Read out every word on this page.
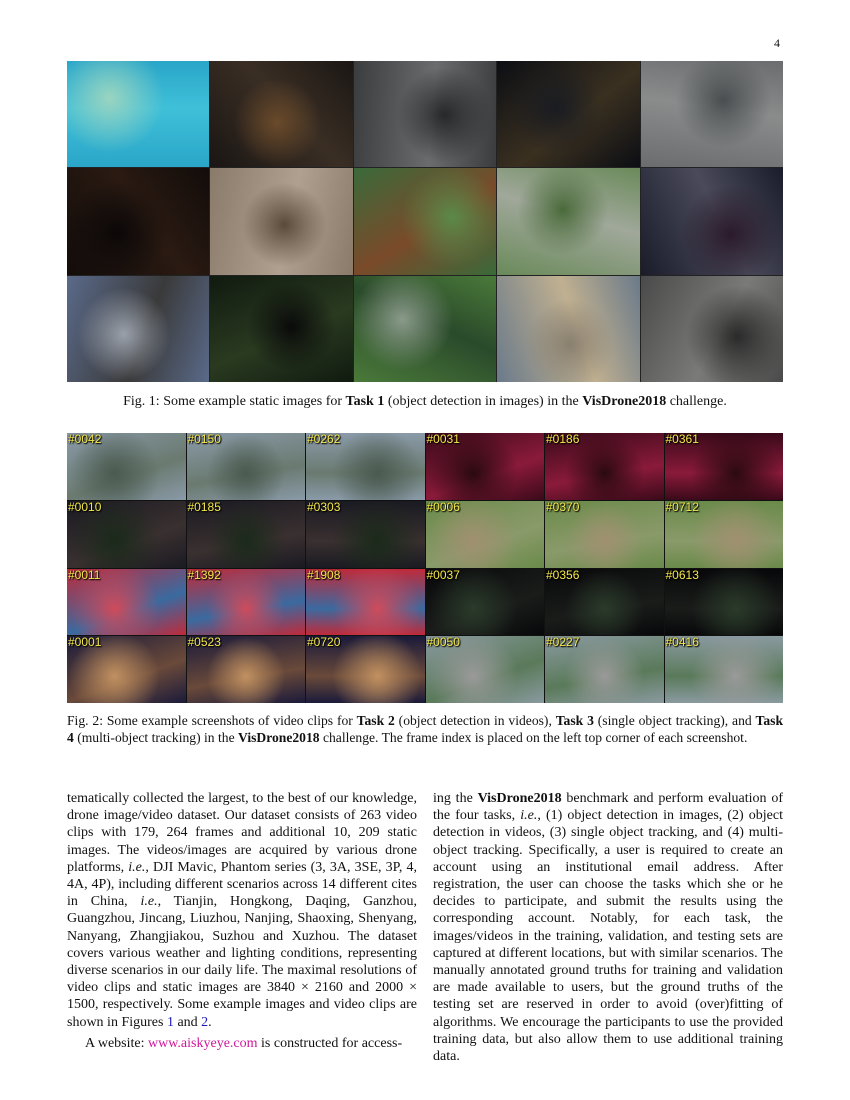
4
Fig. 1: Some example static images for Task 1 (object detection in images) in the VisDrone2018 challenge.
#0042	#0150	#0262	#0031	#0186	#0361
#0010	#0185	#0303	#0006	#0370	#0712
#0011	#1392	#1908	#0037	#0356	#0613
#0001	#0523	#0720	#0050	#0227	#0416
Fig. 2: Some example screenshots of video clips for Task 2 (object detection in videos), Task 3 (single object tracking), and Task 4 (multi-object tracking) in the VisDrone2018 challenge. The frame index is placed on the left top corner of each screenshot.

tematically collected the largest, to the best of our knowledge, drone image/video dataset. Our dataset consists of 263 video clips with 179, 264 frames and additional 10, 209 static images. The videos/images are acquired by various drone platforms, i.e., DJI Mavic, Phantom series (3, 3A, 3SE, 3P, 4, 4A, 4P), including different scenarios across 14 different cites in China, i.e., Tianjin, Hongkong, Daqing, Ganzhou, Guangzhou, Jincang, Liuzhou, Nanjing, Shaoxing, Shenyang, Nanyang, Zhangjiakou, Suzhou and Xuzhou. The dataset covers various weather and lighting conditions, representing diverse scenarios in our daily life. The maximal resolutions of video clips and static images are 3840 × 2160 and 2000 × 1500, respectively. Some example images and video clips are shown in Figures 1 and 2.

A website: www.aiskyeye.com is constructed for access-

ing the VisDrone2018 benchmark and perform evaluation of the four tasks, i.e., (1) object detection in images, (2) object detection in videos, (3) single object tracking, and (4) multi-object tracking. Specifically, a user is required to create an account using an institutional email address. After registration, the user can choose the tasks which she or he decides to participate, and submit the results using the corresponding account. Notably, for each task, the images/videos in the training, validation, and testing sets are captured at different locations, but with similar scenarios. The manually annotated ground truths for training and validation are made available to users, but the ground truths of the testing set are reserved in order to avoid (over)fitting of algorithms. We encourage the participants to use the provided training data, but also allow them to use additional training data.
